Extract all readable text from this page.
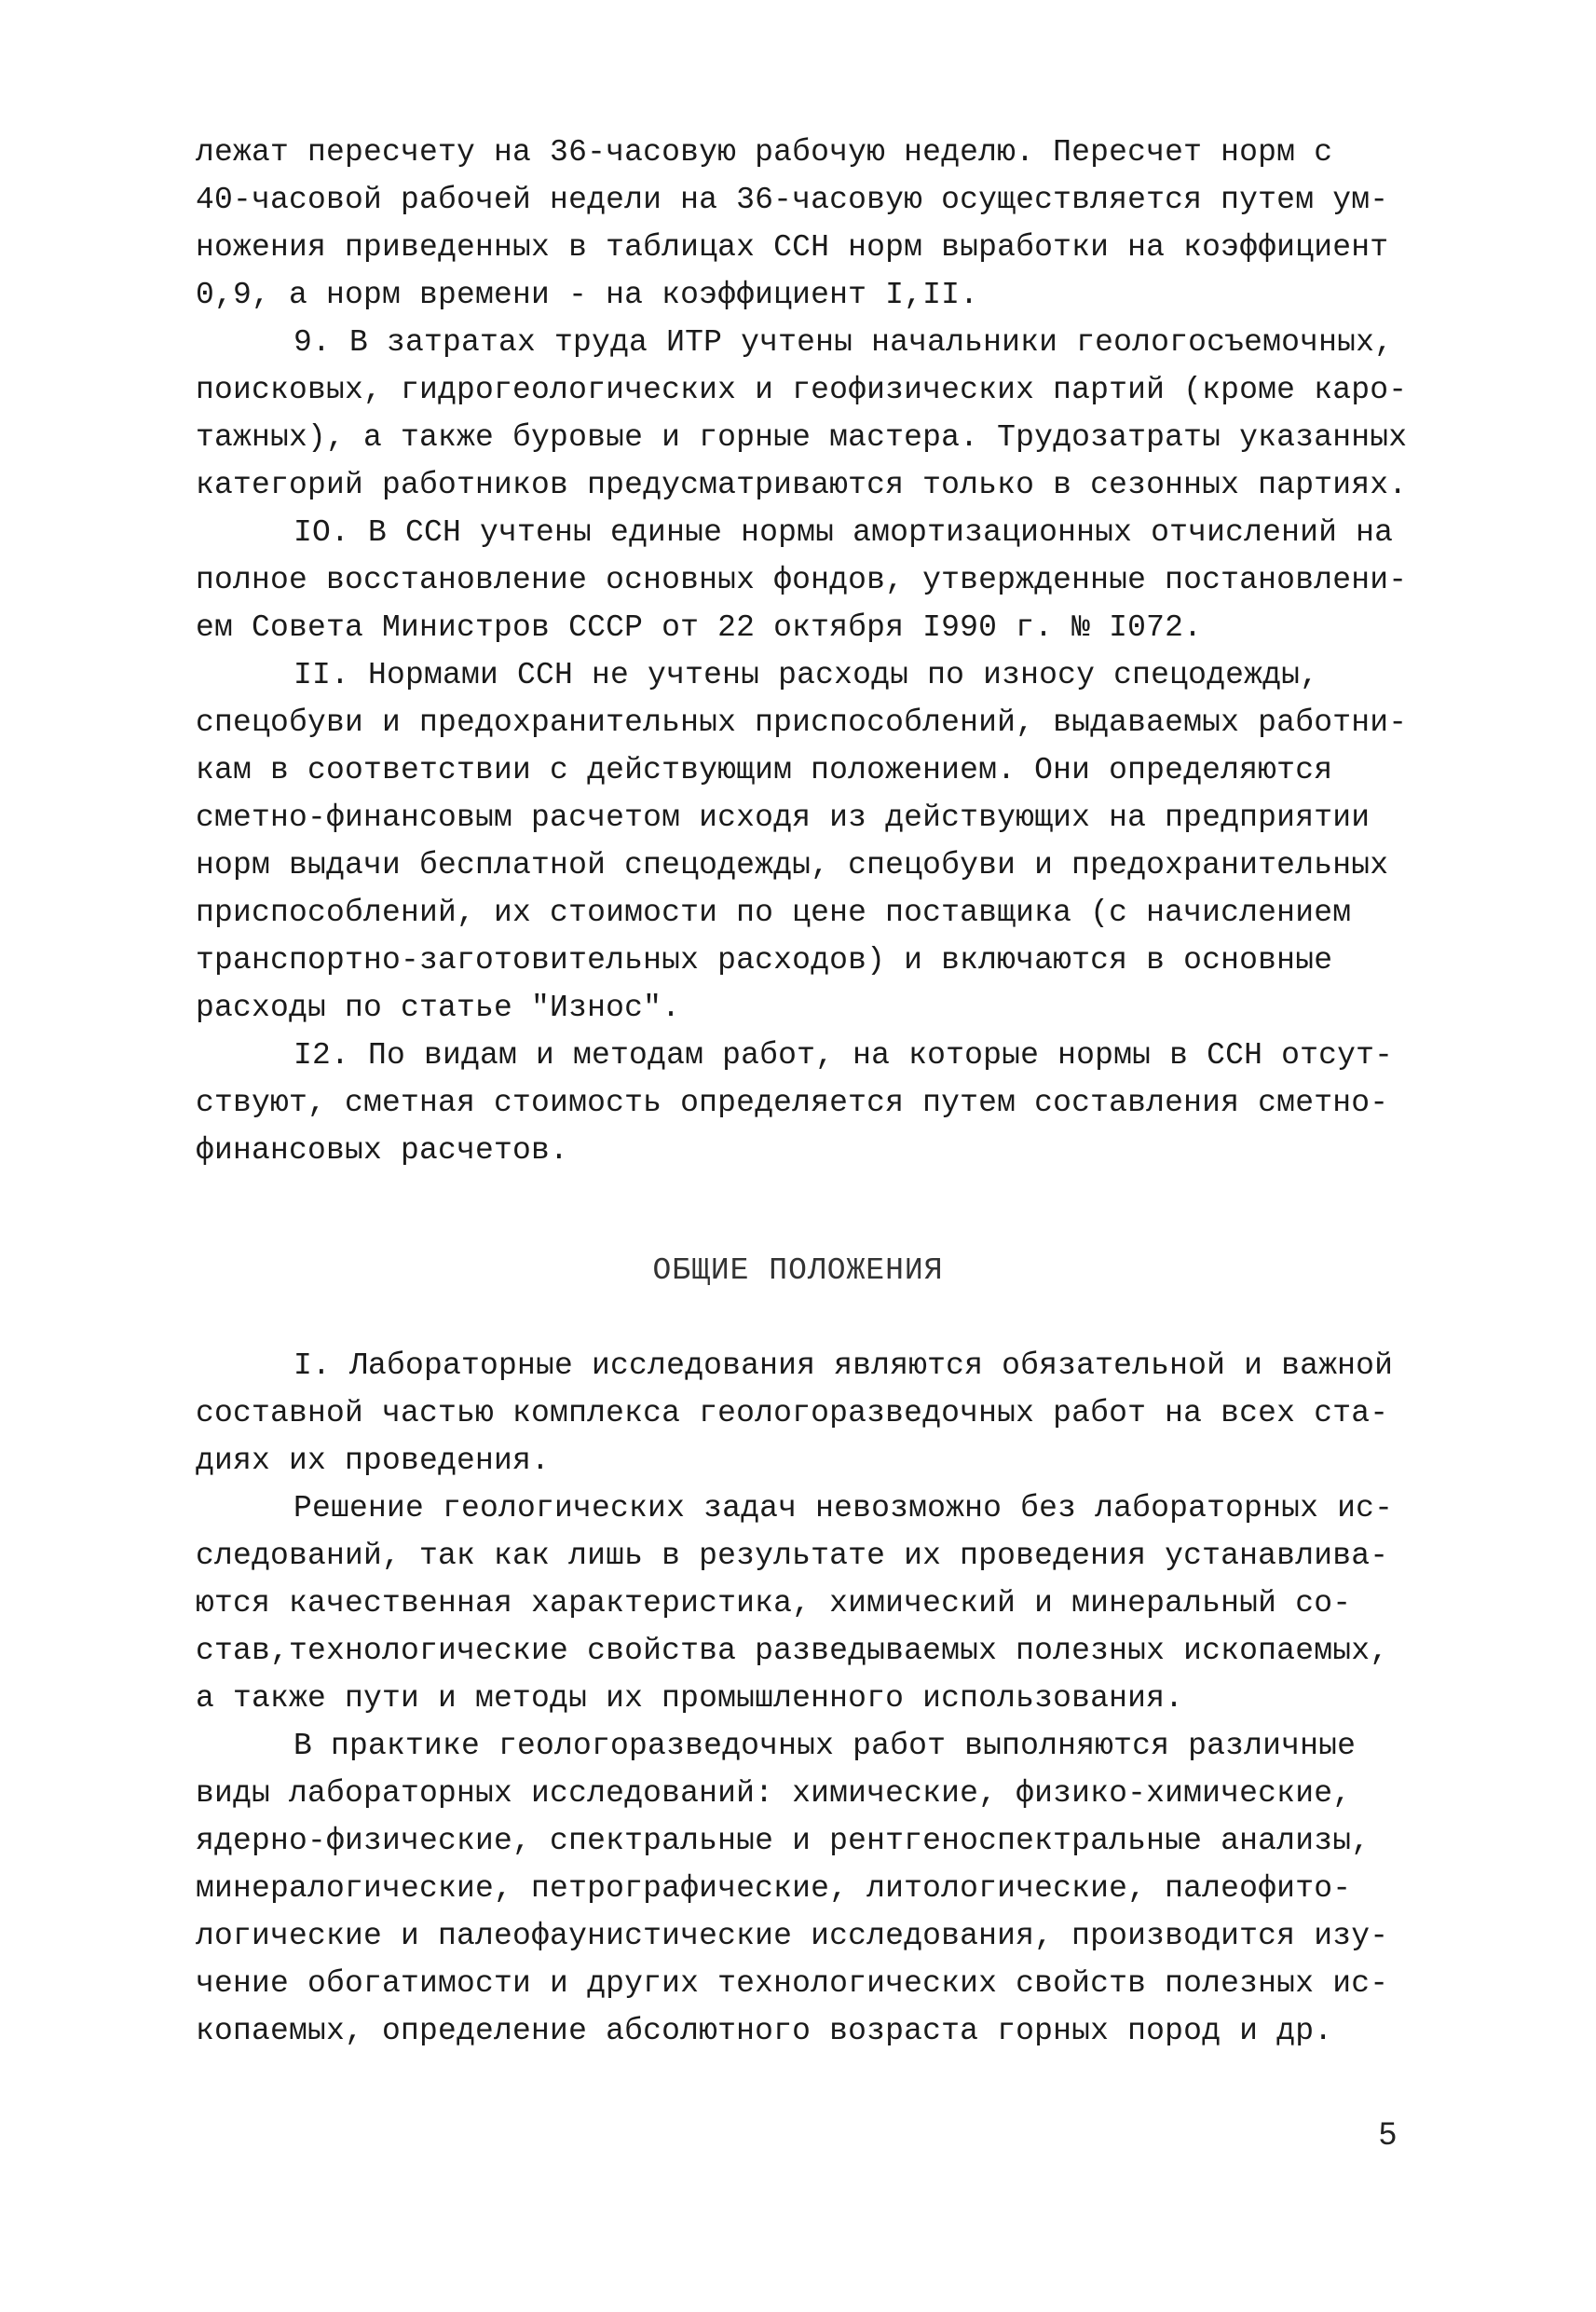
лежат пересчету на 36-часовую рабочую неделю. Пересчет норм с
40-часовой рабочей недели на 36-часовую осуществляется путем ум-
ножения приведенных в таблицах ССН норм выработки на коэффициент
0,9, а норм времени - на коэффициент I,II.
9. В затратах труда ИТР учтены начальники геологосъемочных,
поисковых, гидрогеологических и геофизических партий (кроме каро-
тажных), а также буровые и горные мастера. Трудозатраты указанных
категорий работников предусматриваются только в сезонных партиях.
IO. В ССН учтены единые нормы амортизационных отчислений на
полное восстановление основных фондов, утвержденные постановлени-
ем Совета Министров СССР от 22 октября I990 г. № I072.
II. Нормами ССН не учтены расходы по износу спецодежды,
спецобуви и предохранительных приспособлений, выдаваемых работни-
кам в соответствии с действующим положением. Они определяются
сметно-финансовым расчетом исходя из действующих на предприятии
норм выдачи бесплатной спецодежды, спецобуви и предохранительных
приспособлений, их стоимости по цене поставщика (с начислением
транспортно-заготовительных расходов) и включаются в основные
расходы по статье "Износ".
I2. По видам и методам работ, на которые нормы в ССН отсут-
ствуют, сметная стоимость определяется путем составления сметно-
финансовых расчетов.
ОБЩИЕ ПОЛОЖЕНИЯ
I. Лабораторные исследования являются обязательной и важной
составной частью комплекса геологоразведочных работ на всех ста-
диях их проведения.
Решение геологических задач невозможно без лабораторных ис-
следований, так как лишь в результате их проведения устанавлива-
ются качественная характеристика, химический и минеральный со-
став,технологические свойства разведываемых полезных ископаемых,
а также пути и методы их промышленного использования.
В практике геологоразведочных работ выполняются различные
виды лабораторных исследований: химические, физико-химические,
ядерно-физические, спектральные и рентгеноспектральные анализы,
минералогические, петрографические, литологические, палеофито-
логические и палеофаунистические исследования, производится изу-
чение обогатимости и других технологических свойств полезных ис-
копаемых, определение абсолютного возраста горных пород и др.
5
